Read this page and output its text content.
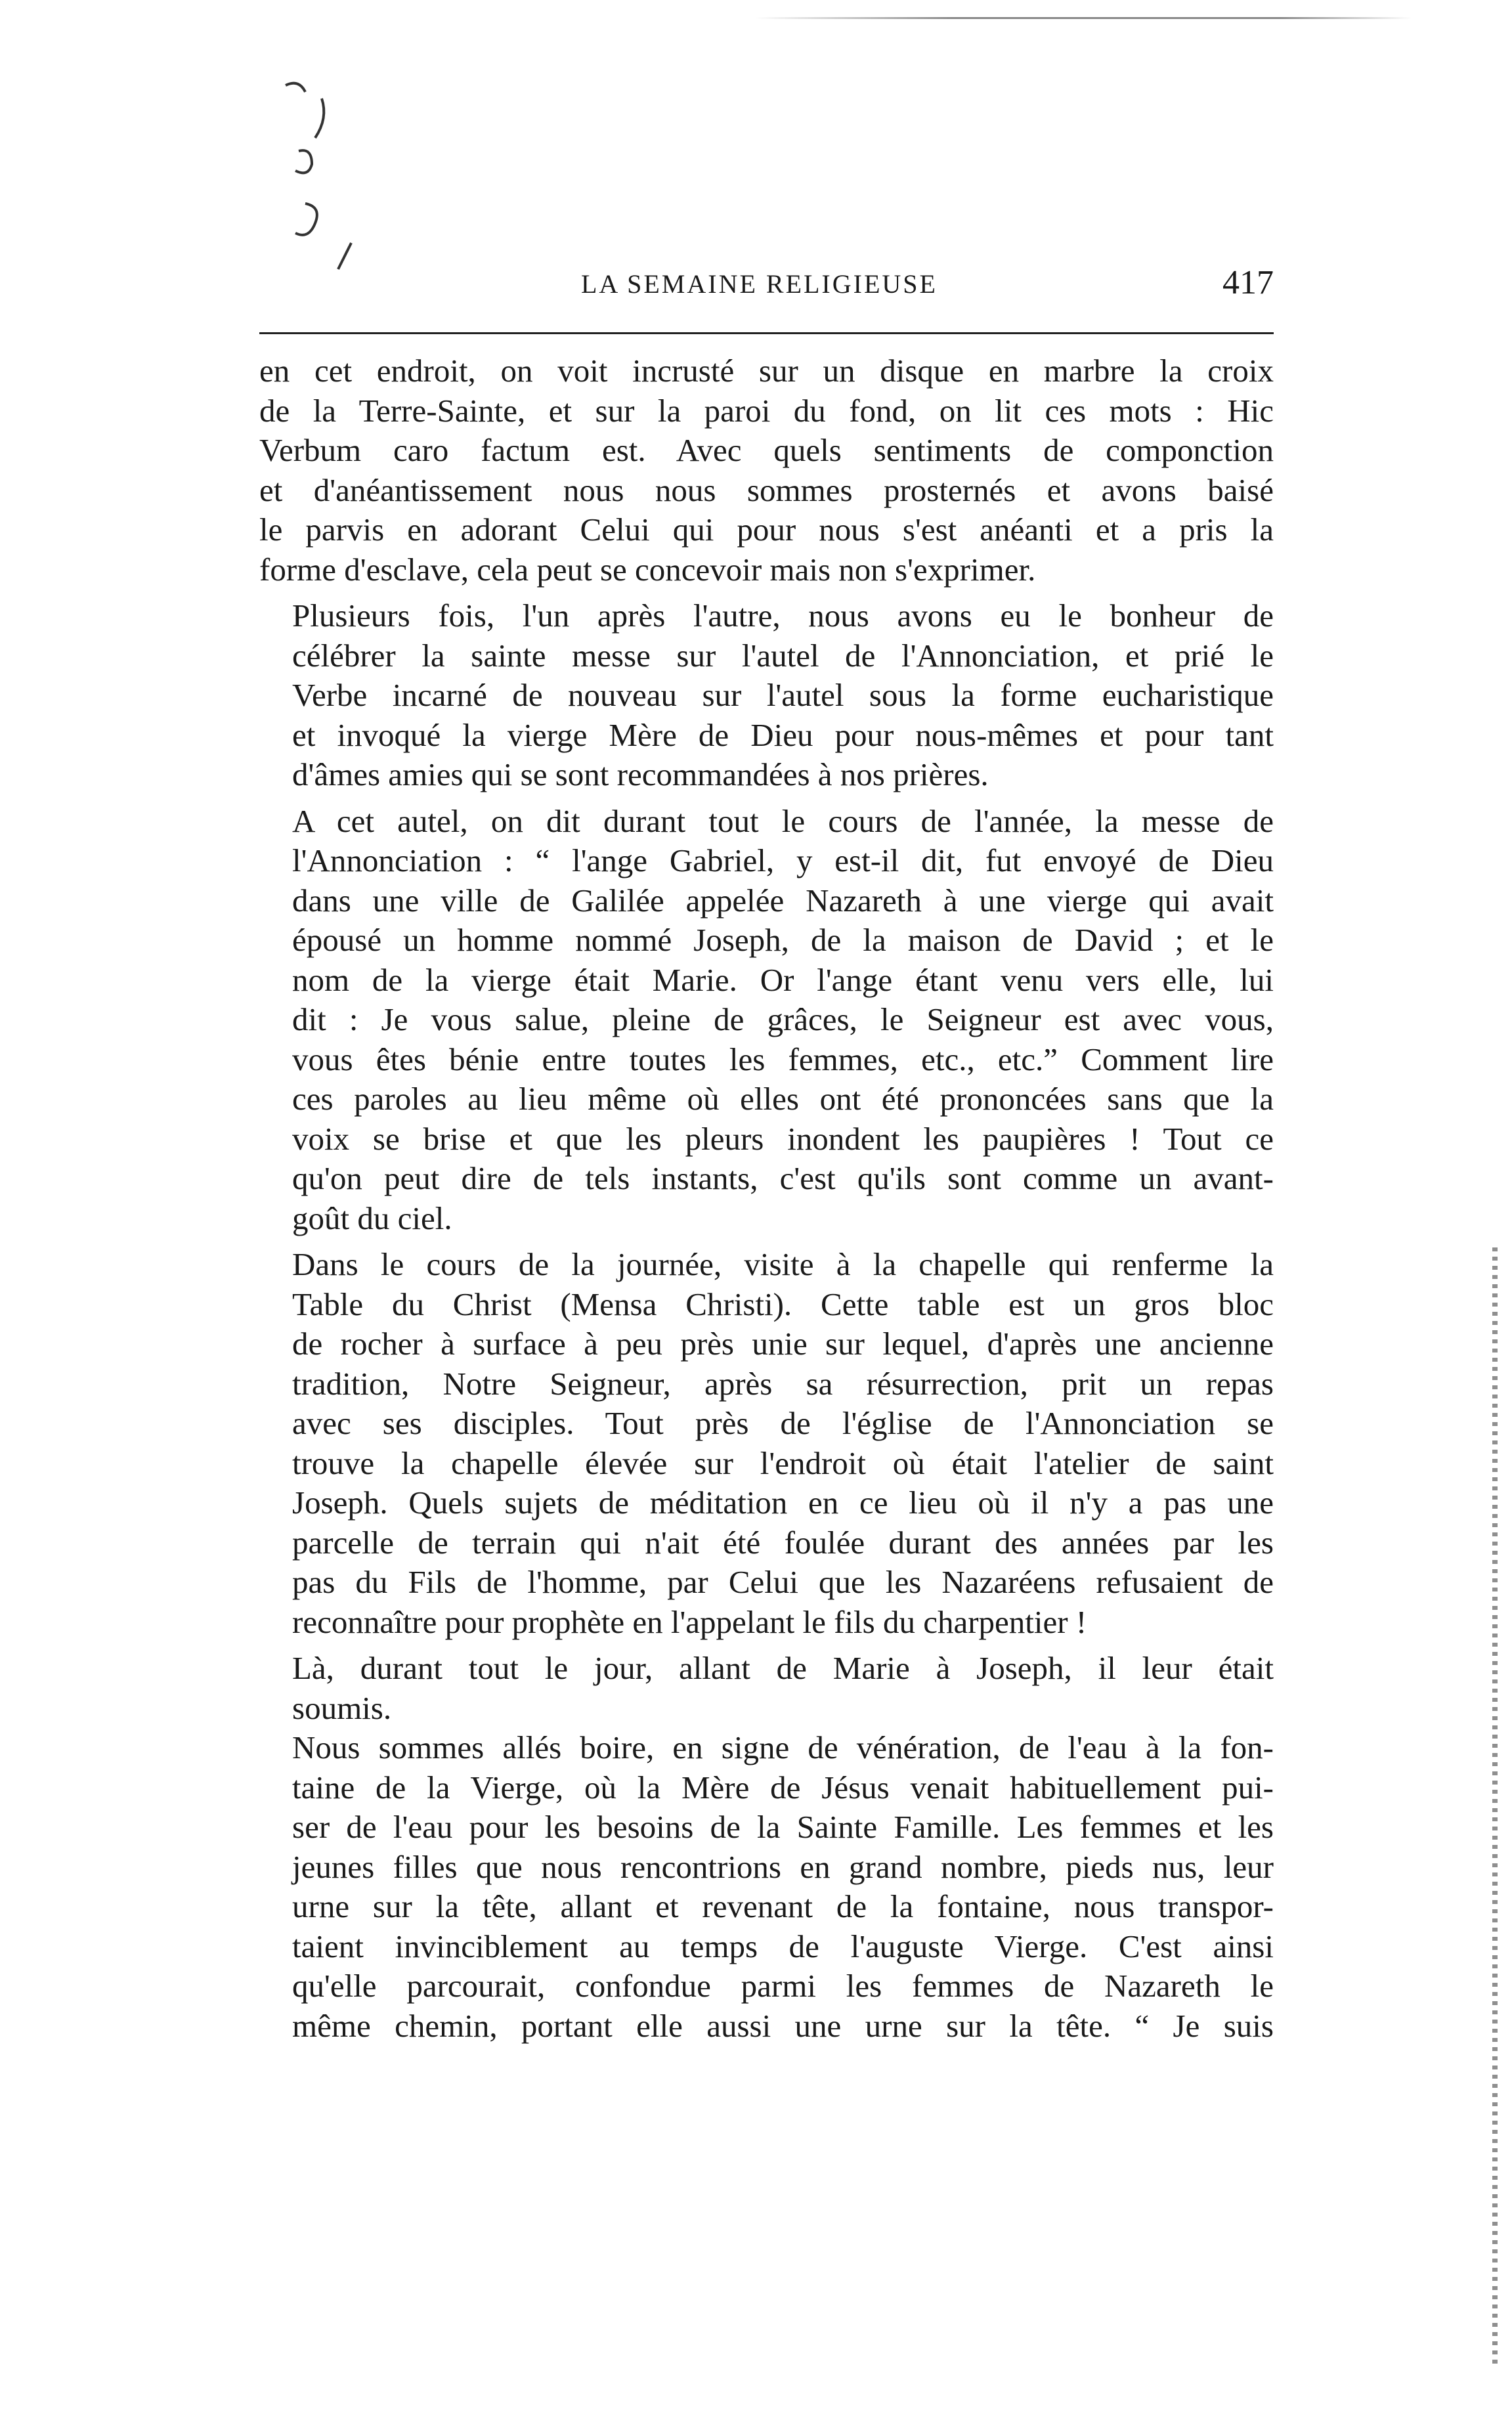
LA SEMAINE RELIGIEUSE	417

en cet endroit, on voit incrusté sur un disque en marbre la croix
de la Terre-Sainte, et sur la paroi du fond, on lit ces mots : Hic
Verbum caro factum est. Avec quels sentiments de componction
et d'anéantissement nous nous sommes prosternés et avons baisé
le parvis en adorant Celui qui pour nous s'est anéanti et a pris la
forme d'esclave, cela peut se concevoir mais non s'exprimer.

Plusieurs fois, l'un après l'autre, nous avons eu le bonheur de
célébrer la sainte messe sur l'autel de l'Annonciation, et prié le
Verbe incarné de nouveau sur l'autel sous la forme eucharistique
et invoqué la vierge Mère de Dieu pour nous-mêmes et pour tant
d'âmes amies qui se sont recommandées à nos prières.

A cet autel, on dit durant tout le cours de l'année, la messe de
l'Annonciation : “ l'ange Gabriel, y est-il dit, fut envoyé de Dieu
dans une ville de Galilée appelée Nazareth à une vierge qui avait
épousé un homme nommé Joseph, de la maison de David ; et le
nom de la vierge était Marie. Or l'ange étant venu vers elle, lui
dit : Je vous salue, pleine de grâces, le Seigneur est avec vous,
vous êtes bénie entre toutes les femmes, etc., etc.” Comment lire
ces paroles au lieu même où elles ont été prononcées sans que la
voix se brise et que les pleurs inondent les paupières ! Tout ce
qu'on peut dire de tels instants, c'est qu'ils sont comme un avant-
goût du ciel.

Dans le cours de la journée, visite à la chapelle qui renferme la
Table du Christ (Mensa Christi). Cette table est un gros bloc
de rocher à surface à peu près unie sur lequel, d'après une ancienne
tradition, Notre Seigneur, après sa résurrection, prit un repas
avec ses disciples. Tout près de l'église de l'Annonciation se
trouve la chapelle élevée sur l'endroit où était l'atelier de saint
Joseph. Quels sujets de méditation en ce lieu où il n'y a pas une
parcelle de terrain qui n'ait été foulée durant des années par les
pas du Fils de l'homme, par Celui que les Nazaréens refusaient de
reconnaître pour prophète en l'appelant le fils du charpentier !

Là, durant tout le jour, allant de Marie à Joseph, il leur était
soumis.

Nous sommes allés boire, en signe de vénération, de l'eau à la fon-
taine de la Vierge, où la Mère de Jésus venait habituellement pui-
ser de l'eau pour les besoins de la Sainte Famille. Les femmes et les
jeunes filles que nous rencontrions en grand nombre, pieds nus, leur
urne sur la tête, allant et revenant de la fontaine, nous transpor-
taient invinciblement au temps de l'auguste Vierge. C'est ainsi
qu'elle parcourait, confondue parmi les femmes de Nazareth le
même chemin, portant elle aussi une urne sur la tête. “ Je suis
